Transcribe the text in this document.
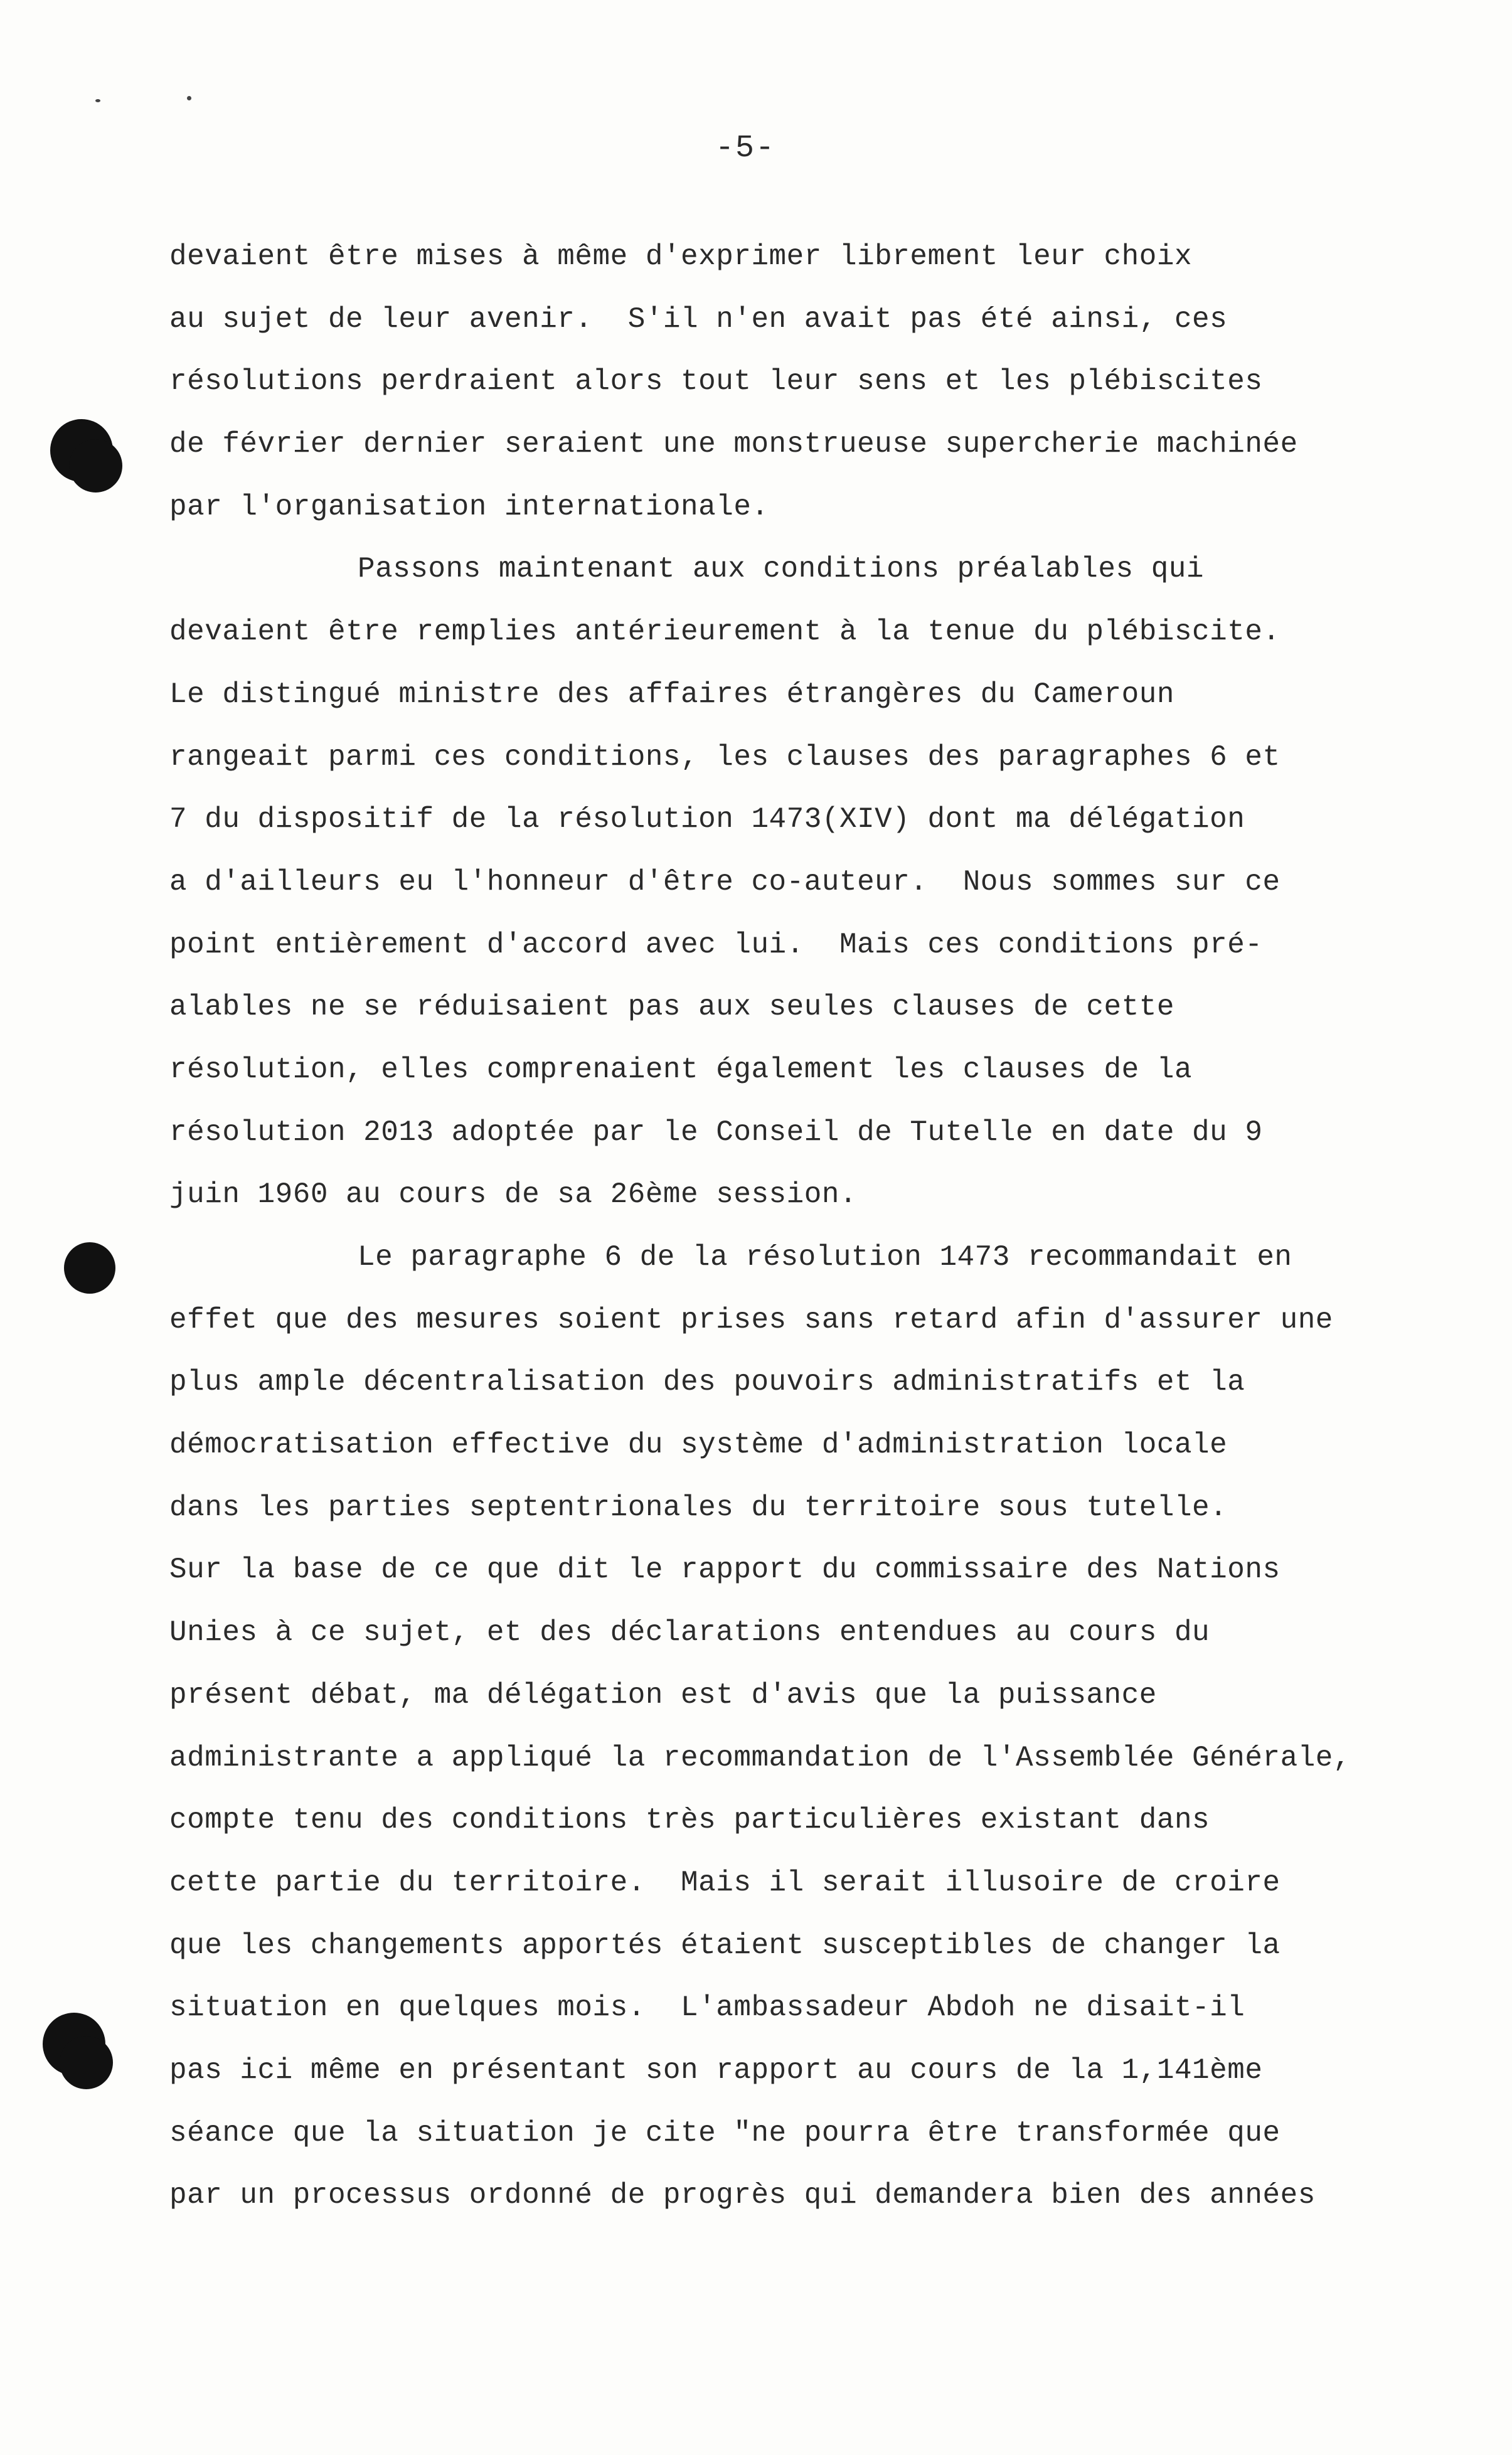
-5-
devaient être mises à même d'exprimer librement leur choix
au sujet de leur avenir.  S'il n'en avait pas été ainsi, ces
résolutions perdraient alors tout leur sens et les plébiscites
de février dernier seraient une monstrueuse supercherie machinée
par l'organisation internationale.
Passons maintenant aux conditions préalables qui
devaient être remplies antérieurement à la tenue du plébiscite.
Le distingué ministre des affaires étrangères du Cameroun
rangeait parmi ces conditions, les clauses des paragraphes 6 et
7 du dispositif de la résolution 1473(XIV) dont ma délégation
a d'ailleurs eu l'honneur d'être co-auteur.  Nous sommes sur ce
point entièrement d'accord avec lui.  Mais ces conditions pré-
alables ne se réduisaient pas aux seules clauses de cette
résolution, elles comprenaient également les clauses de la
résolution 2013 adoptée par le Conseil de Tutelle en date du 9
juin 1960 au cours de sa 26ème session.
Le paragraphe 6 de la résolution 1473 recommandait en
effet que des mesures soient prises sans retard afin d'assurer une
plus ample décentralisation des pouvoirs administratifs et la
démocratisation effective du système d'administration locale
dans les parties septentrionales du territoire sous tutelle.
Sur la base de ce que dit le rapport du commissaire des Nations
Unies à ce sujet, et des déclarations entendues au cours du
présent débat, ma délégation est d'avis que la puissance
administrante a appliqué la recommandation de l'Assemblée Générale,
compte tenu des conditions très particulières existant dans
cette partie du territoire.  Mais il serait illusoire de croire
que les changements apportés étaient susceptibles de changer la
situation en quelques mois.  L'ambassadeur Abdoh ne disait-il
pas ici même en présentant son rapport au cours de la 1,141ème
séance que la situation je cite "ne pourra être transformée que
par un processus ordonné de progrès qui demandera bien des années
